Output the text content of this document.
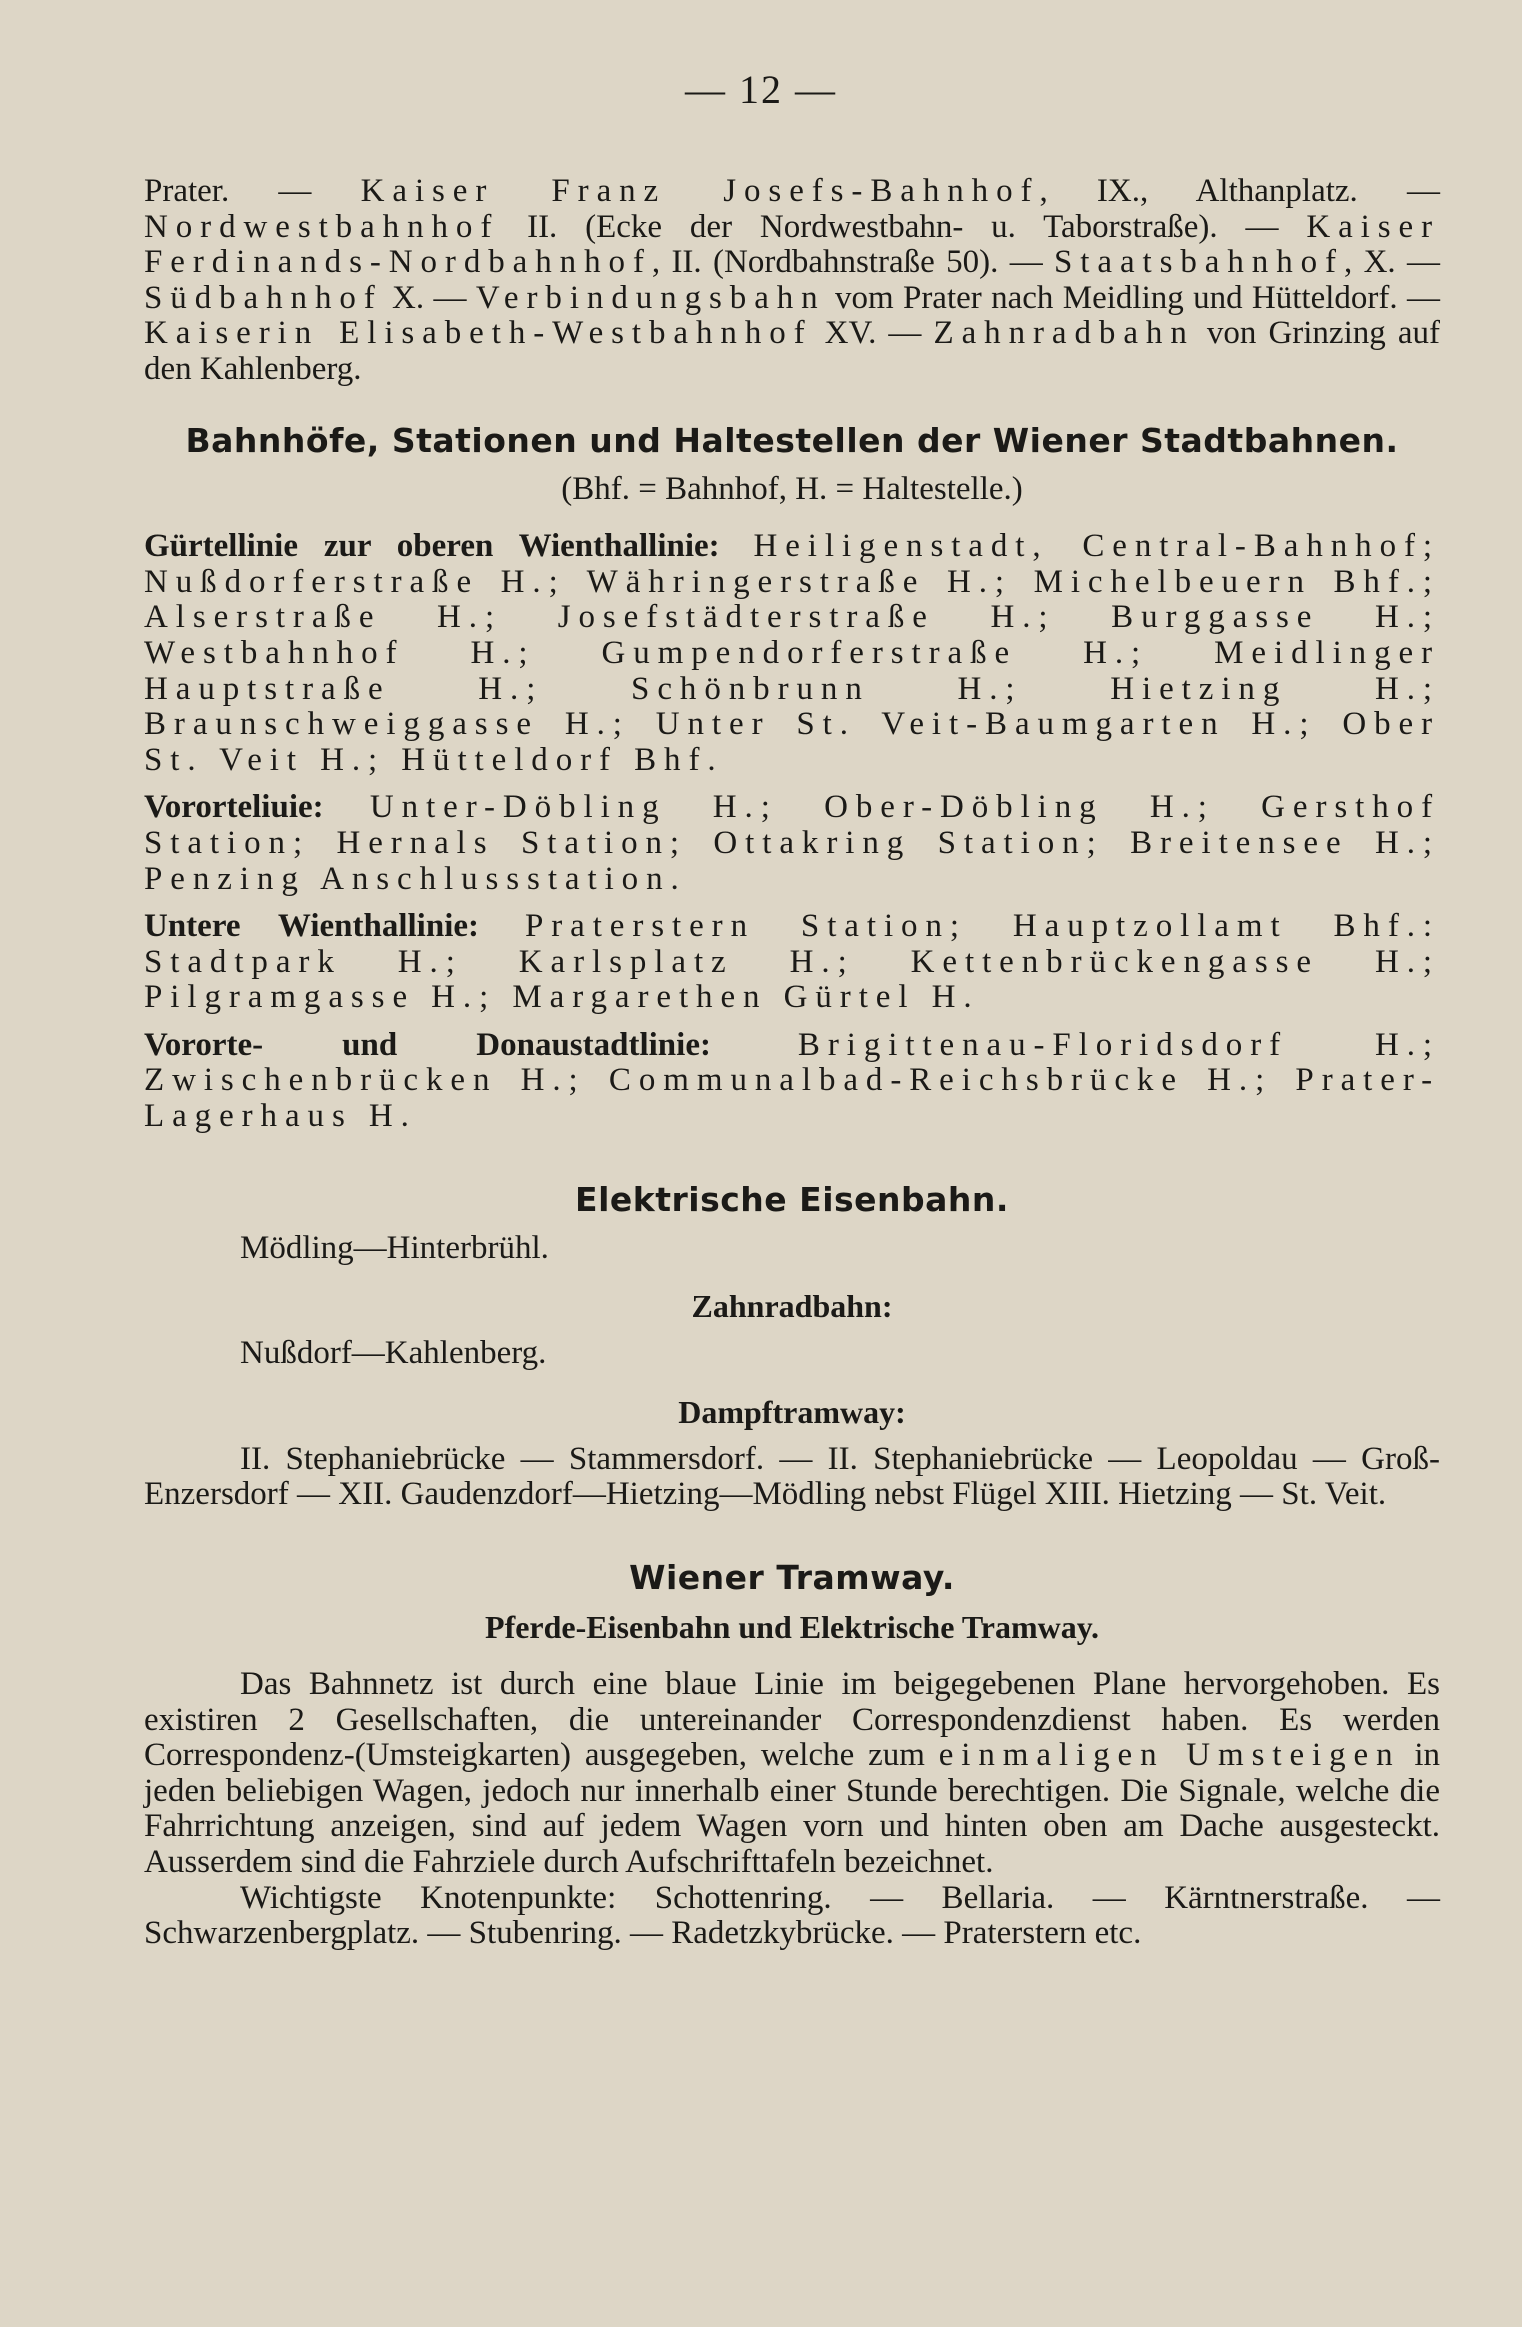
— 12 —

Prater. — Kaiser Franz Josefs-Bahnhof, IX., Althanplatz. — Nordwestbahnhof II. (Ecke der Nordwestbahn- u. Taborstraße). — Kaiser Ferdinands-Nordbahnhof, II. (Nordbahnstraße 50). — Staatsbahnhof, X. — Südbahnhof X. — Verbindungsbahn vom Prater nach Meidling und Hütteldorf. — Kaiserin Elisabeth-Westbahnhof XV. — Zahnradbahn von Grinzing auf den Kahlenberg.

Bahnhöfe, Stationen und Haltestellen der Wiener Stadtbahnen.

(Bhf. = Bahnhof, H. = Haltestelle.)

Gürtellinie zur oberen Wienthallinie: Heiligenstadt, Central-Bahnhof; Nußdorferstraße H.; Währingerstraße H.; Michelbeuern Bhf.; Alserstraße H.; Josefstädterstraße H.; Burggasse H.; Westbahnhof H.; Gumpendorferstraße H.; Meidlinger Hauptstraße H.; Schönbrunn H.; Hietzing H.; Braunschweiggasse H.; Unter St. Veit-Baumgarten H.; Ober St. Veit H.; Hütteldorf Bhf.

Vororteliuie: Unter-Döbling H.; Ober-Döbling H.; Gersthof Station; Hernals Station; Ottakring Station; Breitensee H.; Penzing Anschlussstation.

Untere Wienthallinie: Praterstern Station; Hauptzollamt Bhf.: Stadtpark H.; Karlsplatz H.; Kettenbrückengasse H.; Pilgramgasse H.; Margarethen Gürtel H.

Vororte- und Donaustadtlinie: Brigittenau-Floridsdorf H.; Zwischenbrücken H.; Communalbad-Reichsbrücke H.; Prater-Lagerhaus H.

Elektrische Eisenbahn.

Mödling—Hinterbrühl.

Zahnradbahn:

Nußdorf—Kahlenberg.

Dampftramway:

II. Stephaniebrücke — Stammersdorf. — II. Stephaniebrücke — Leopoldau — Groß-Enzersdorf — XII. Gaudenzdorf—Hietzing—Mödling nebst Flügel XIII. Hietzing — St. Veit.

Wiener Tramway.
Pferde-Eisenbahn und Elektrische Tramway.

Das Bahnnetz ist durch eine blaue Linie im beigegebenen Plane hervorgehoben. Es existiren 2 Gesellschaften, die untereinander Correspondenzdienst haben. Es werden Correspondenz-(Umsteigkarten) ausgegeben, welche zum einmaligen Umsteigen in jeden beliebigen Wagen, jedoch nur innerhalb einer Stunde berechtigen. Die Signale, welche die Fahrrichtung anzeigen, sind auf jedem Wagen vorn und hinten oben am Dache ausgesteckt. Ausserdem sind die Fahrziele durch Aufschrifttafeln bezeichnet.

Wichtigste Knotenpunkte: Schottenring. — Bellaria. — Kärntnerstraße. — Schwarzenbergplatz. — Stubenring. — Radetzkybrücke. — Praterstern etc.
